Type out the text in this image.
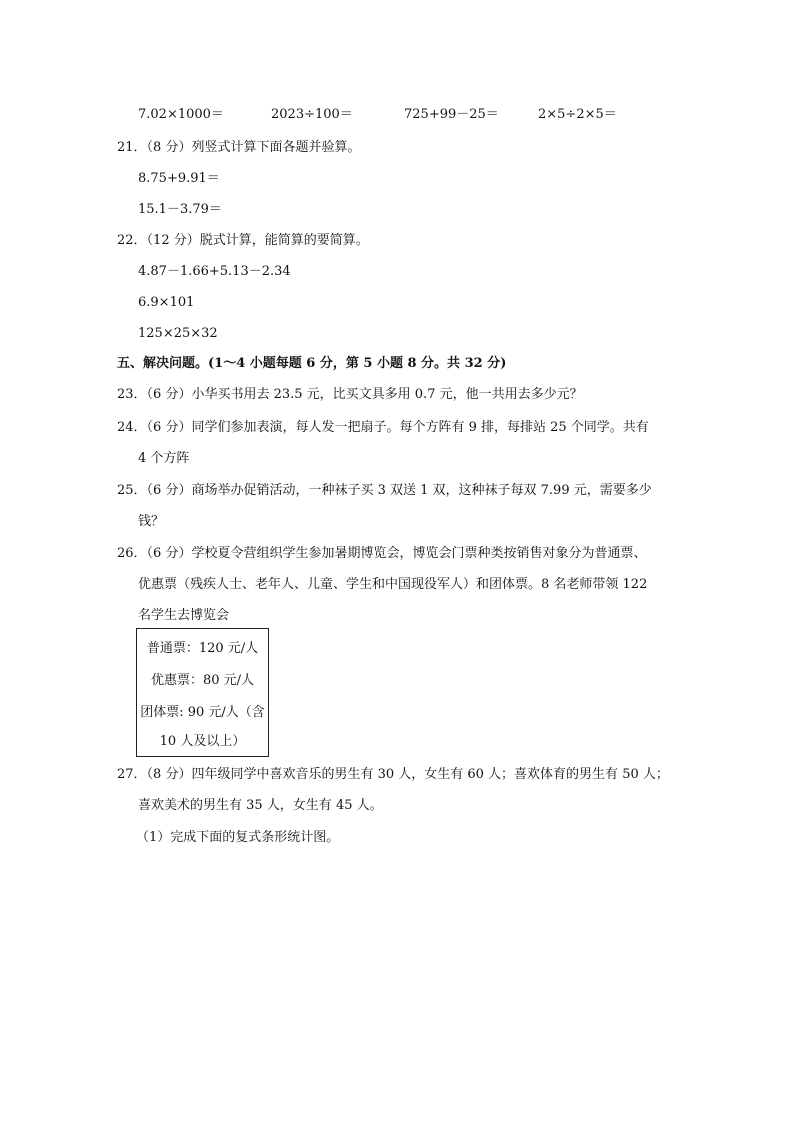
7.02×1000＝	2023÷100＝	725+99－25＝	2×5÷2×5＝
21．（8 分）列竖式计算下面各题并验算。
8.75+9.91＝
15.1－3.79＝
22．（12 分）脱式计算，能简算的要简算。
4.87－1.66+5.13－2.34
6.9×101
125×25×32
五、解决问题。(1～4 小题每题 6 分，第 5 小题 8 分。共 32 分)
23．（6 分）小华买书用去 23.5 元，比买文具多用 0.7 元，他一共用去多少元？
24．（6 分）同学们参加表演，每人发一把扇子。每个方阵有 9 排，每排站 25 个同学。共有
4 个方阵
25．（6 分）商场举办促销活动，一种袜子买 3 双送 1 双，这种袜子每双 7.99 元，需要多少
钱？
26．（6 分）学校夏令营组织学生参加暑期博览会，博览会门票种类按销售对象分为普通票、
优惠票（残疾人士、老年人、儿童、学生和中国现役军人）和团体票。8 名老师带领 122
名学生去博览会
普通票：120 元/人
优惠票：80 元/人
团体票: 90 元/人（含
10 人及以上）
27．（8 分）四年级同学中喜欢音乐的男生有 30 人，女生有 60 人；喜欢体育的男生有 50 人；
喜欢美术的男生有 35 人，女生有 45 人。
（1）完成下面的复式条形统计图。
